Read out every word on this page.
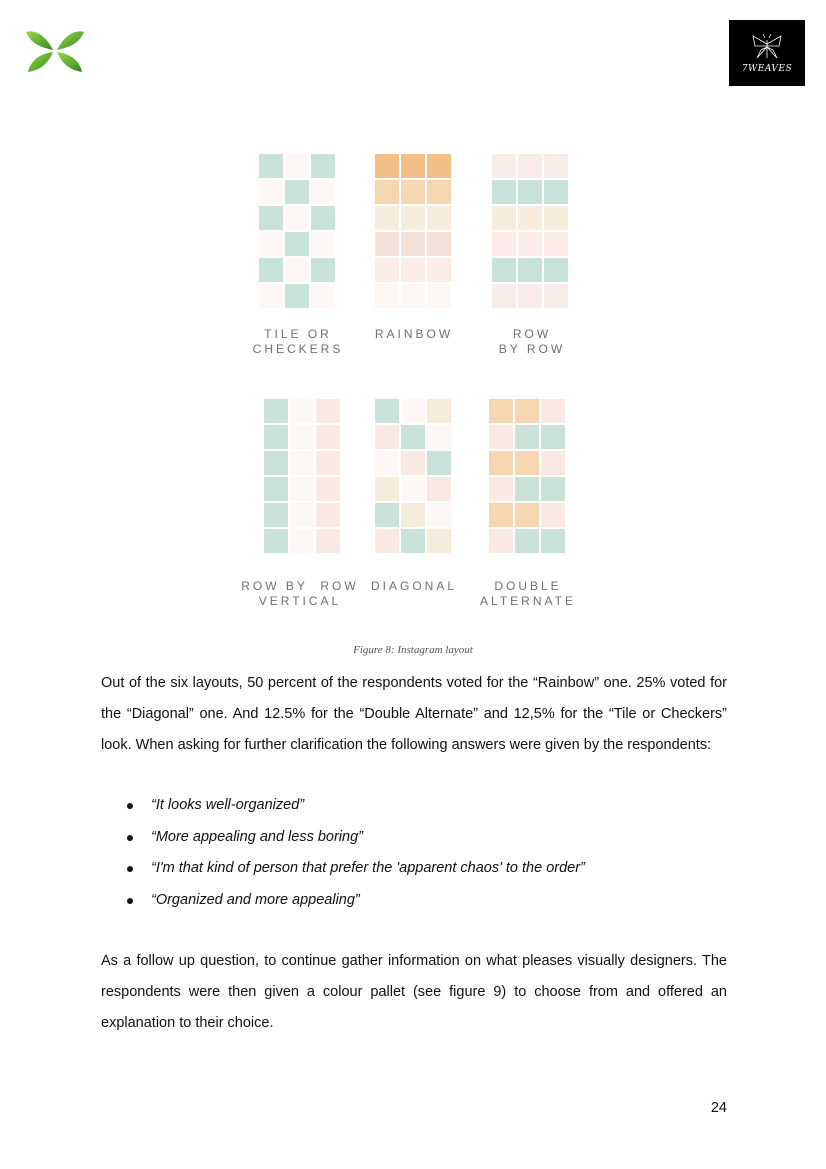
7WEAVES
TILE OR
CHECKERS
RAINBOW	ROW
BY ROW
ROW BY  ROW
VERTICAL
DIAGONAL	DOUBLE
ALTERNATE
Figure 8: Instagram layout

Out of the six layouts, 50 percent of the respondents voted for the “Rainbow” one. 25% voted for the “Diagonal” one. And 12.5% for the “Double Alternate” and 12,5% for the “Tile or Checkers” look. When asking for further clarification the following answers were given by the respondents:

“It looks well-organized”
“More appealing and less boring”
“I'm that kind of person that prefer the 'apparent chaos' to the order”
“Organized and more appealing”

As a follow up question, to continue gather information on what pleases visually designers. The respondents were then given a colour pallet (see figure 9) to choose from and offered an explanation to their choice.

24
